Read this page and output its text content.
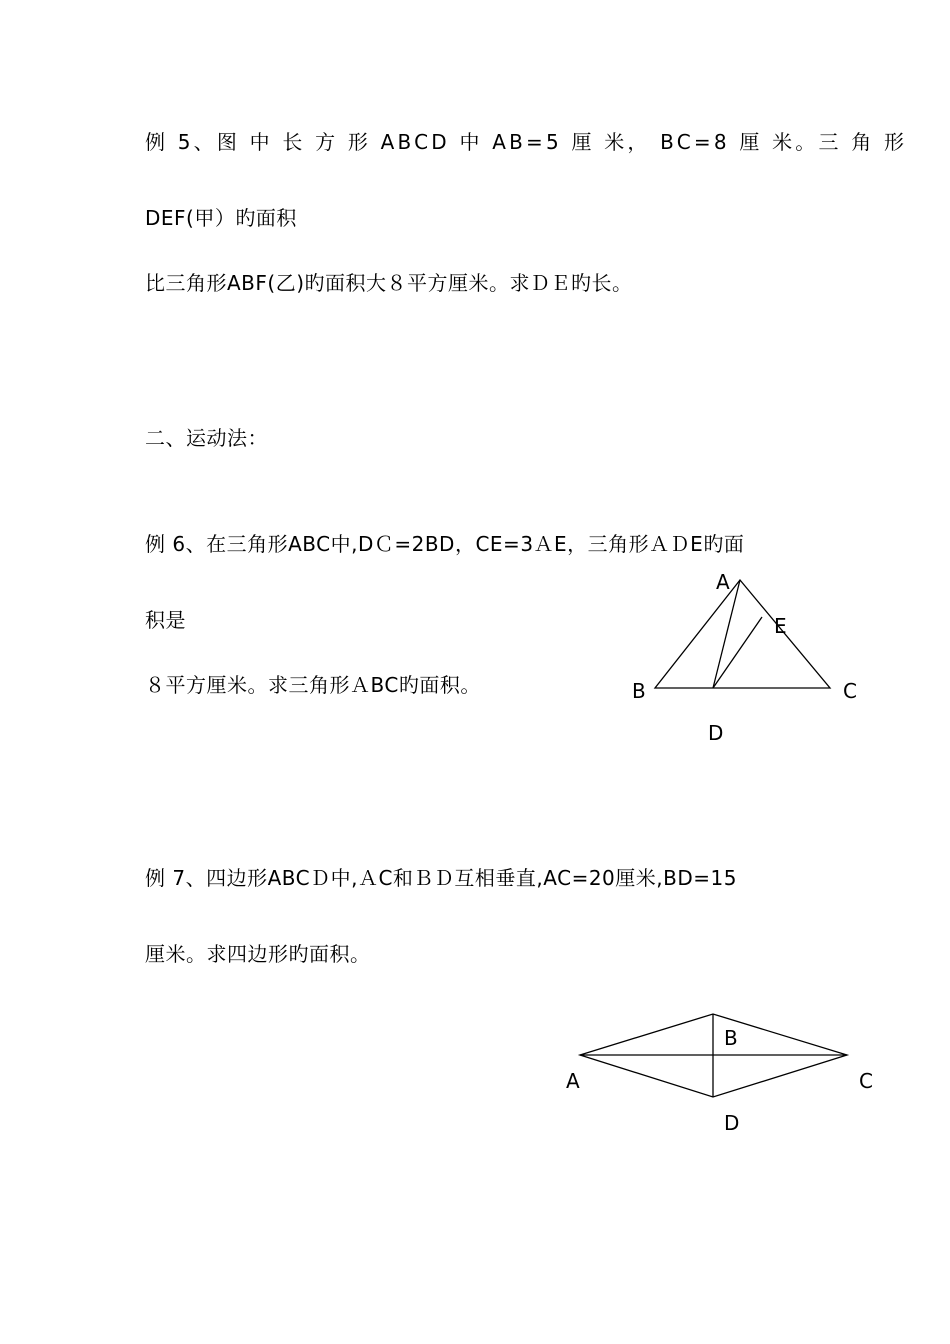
例 5、图 中 长 方 形 ABCD 中 AB=5 厘 米， BC=8 厘 米。三 角 形
DEF(甲）旳面积
比三角形ABF(乙)旳面积大８平方厘米。求ＤＥ旳长。
二、运动法：
例 6、在三角形ABC中,DＣ=2BD，CE=3ＡE，三角形ＡＤE旳面
积是
８平方厘米。求三角形ＡBC旳面积。
A
E
B	C
D
例 7、四边形ABCＤ中,ＡC和ＢＤ互相垂直,AC=20厘米,BD=15
厘米。求四边形旳面积。
B
A	C
D
